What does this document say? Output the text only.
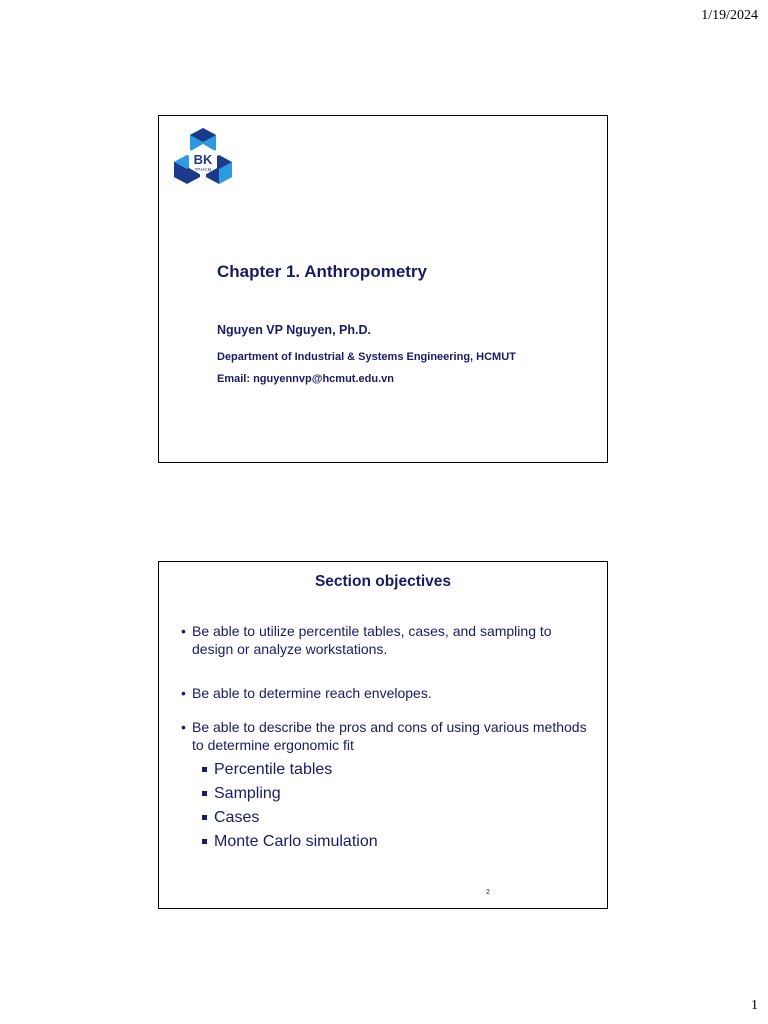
1/19/2024
BK
TP.HCM
Chapter 1. Anthropometry
Nguyen VP Nguyen, Ph.D.
Department of Industrial & Systems Engineering, HCMUT
Email: nguyennvp@hcmut.edu.vn
Section objectives
• Be able to utilize percentile tables, cases, and sampling to design or analyze workstations.
• Be able to determine reach envelopes.
• Be able to describe the pros and cons of using various methods to determine ergonomic fit
Percentile tables
Sampling
Cases
Monte Carlo simulation
2
1
